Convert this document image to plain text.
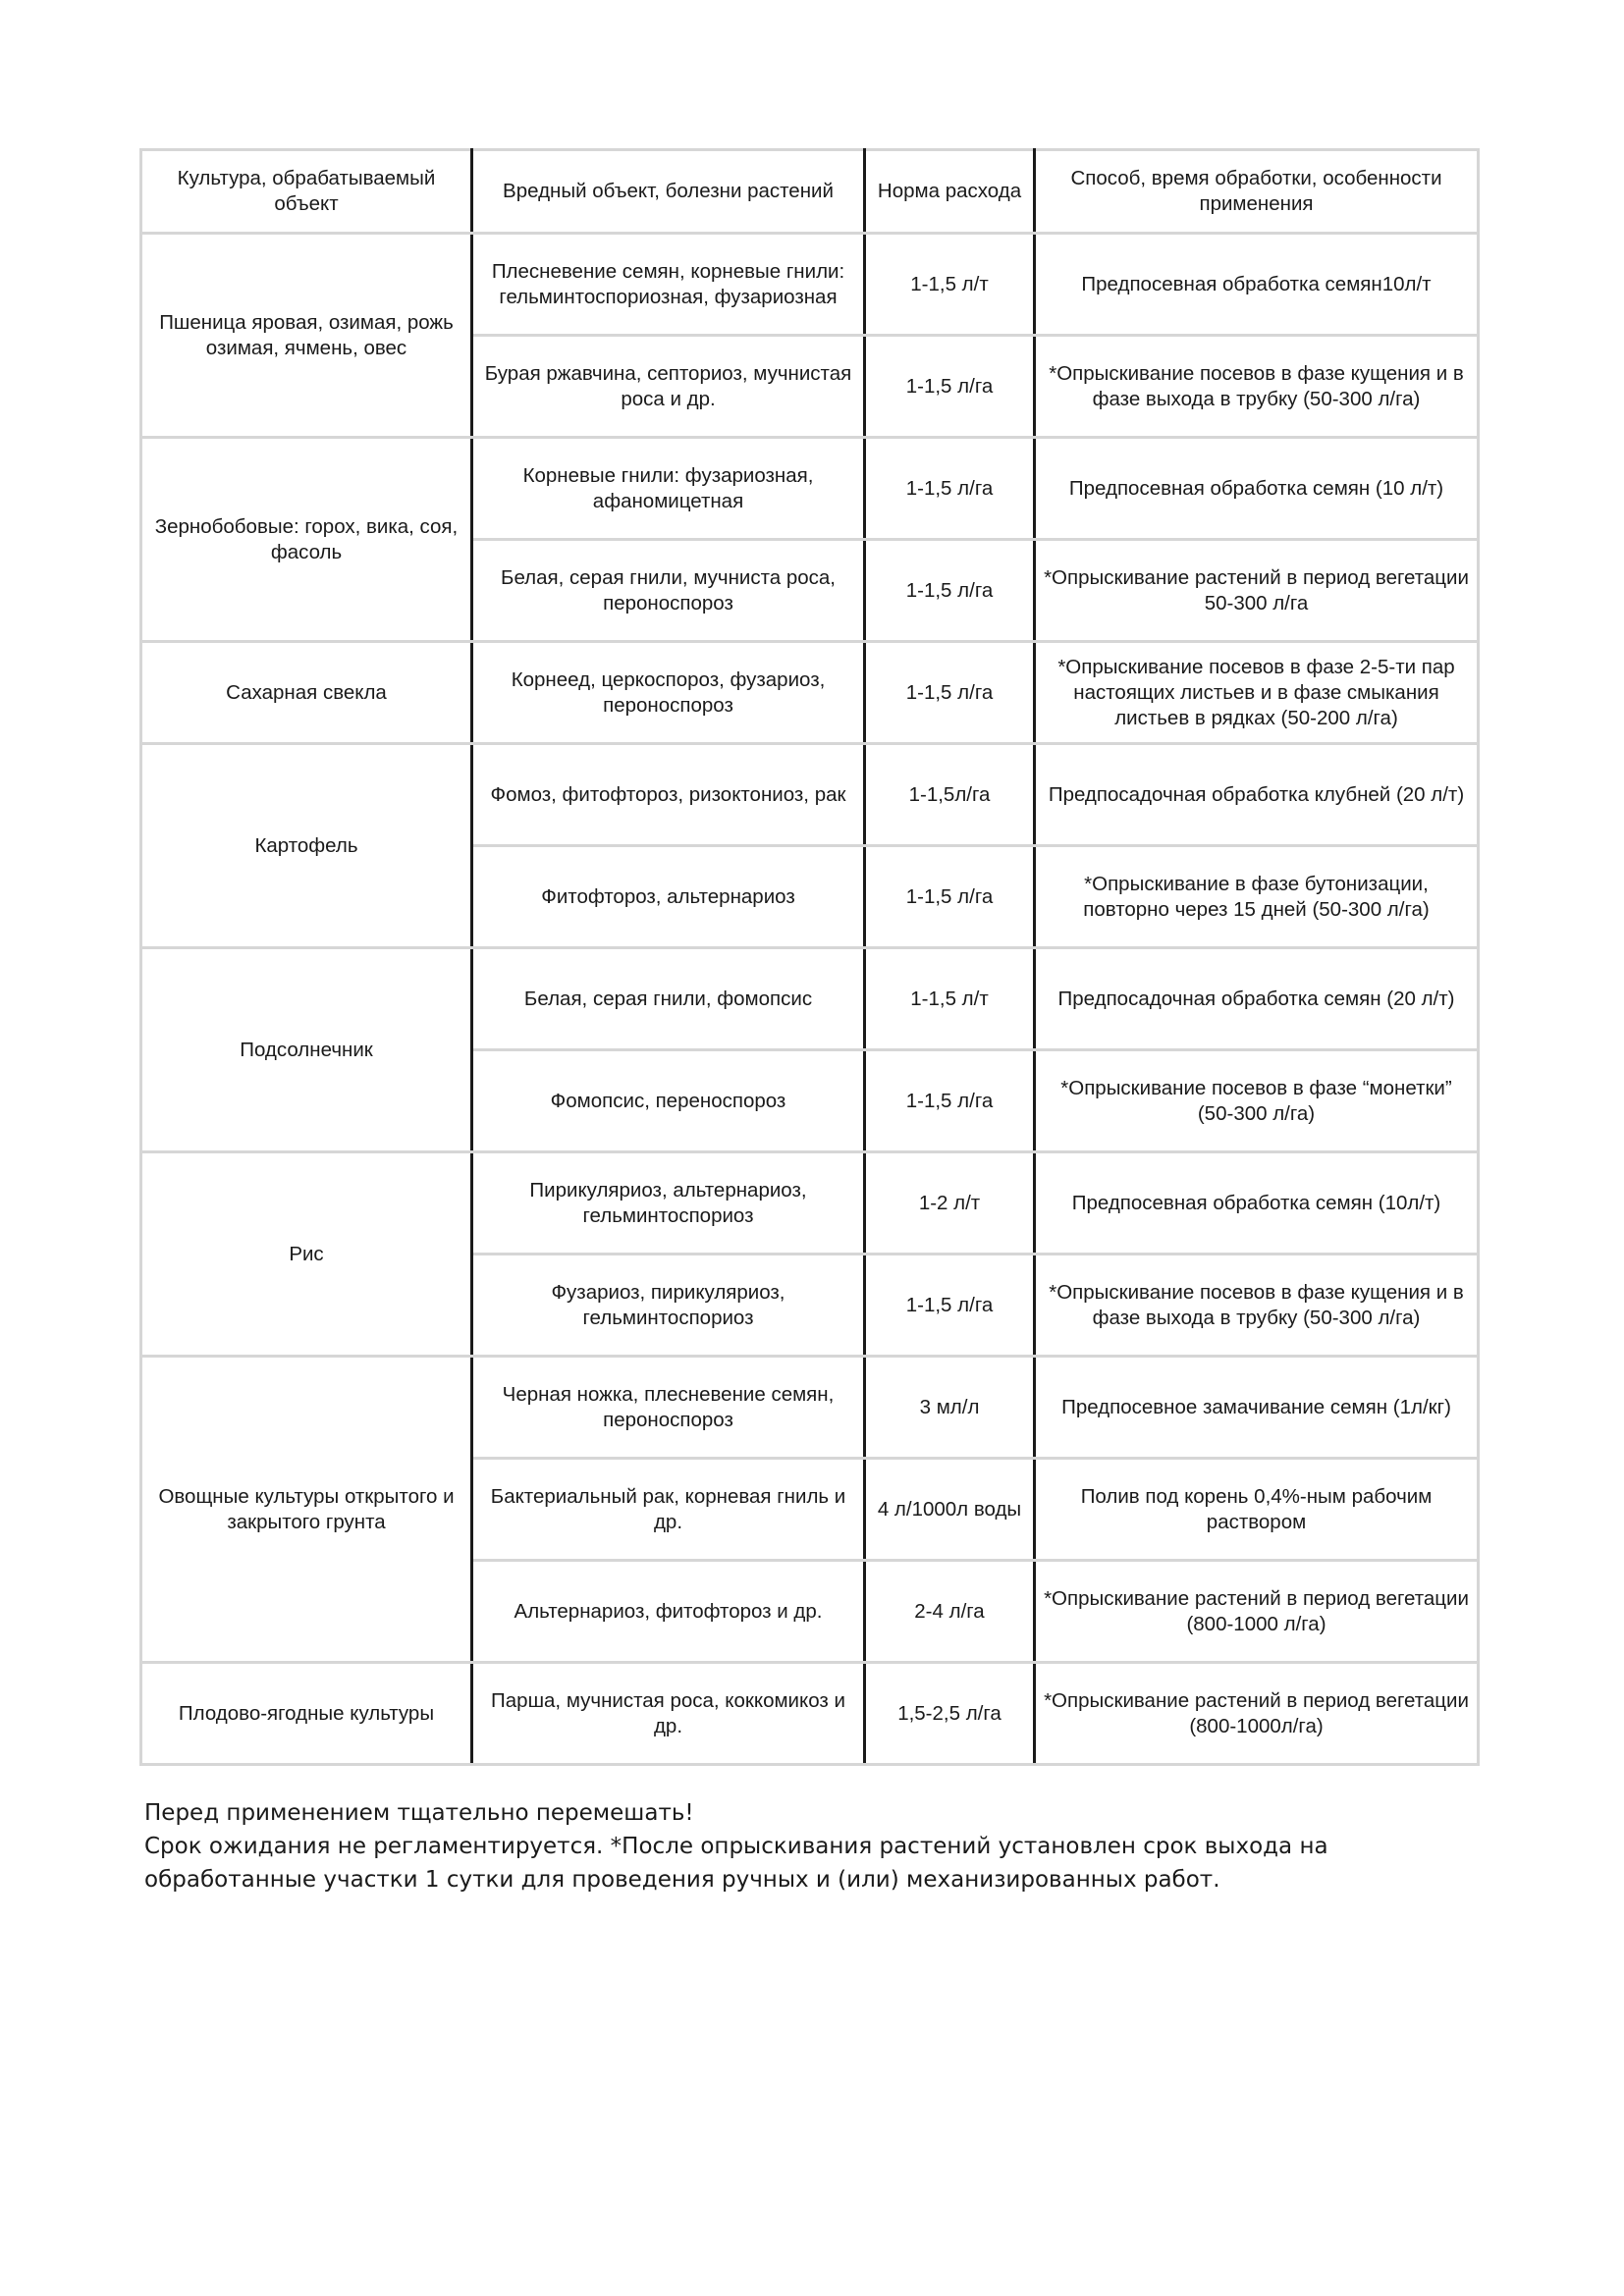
Культура, обрабатываемый объект	Вредный объект, болезни растений	Норма расхода	Способ, время обработки, особенности применения
Пшеница яровая, озимая, рожь озимая, ячмень, овес	Плесневение семян, корневые гнили: гельминтоспориозная, фузариозная	1-1,5 л/т	Предпосевная обработка семян10л/т
	Бурая ржавчина, септориоз, мучнистая роса и др.	1-1,5 л/га	*Опрыскивание посевов в фазе кущения и в фазе выхода в трубку (50-300 л/га)
Зернобобовые: горох, вика, соя, фасоль	Корневые гнили: фузариозная, афаномицетная	1-1,5 л/га	Предпосевная обработка семян (10 л/т)
	Белая, серая гнили, мучниста роса, пероноспороз	1-1,5 л/га	*Опрыскивание растений в период вегетации 50-300 л/га
Сахарная свекла	Корнеед, церкоспороз, фузариоз, пероноспороз	1-1,5 л/га	*Опрыскивание посевов в фазе 2-5-ти пар настоящих листьев и в фазе смыкания листьев в рядках (50-200 л/га)
Картофель	Фомоз, фитофтороз, ризоктониоз, рак	1-1,5л/га	Предпосадочная обработка клубней (20 л/т)
	Фитофтороз, альтернариоз	1-1,5 л/га	*Опрыскивание в фазе бутонизации, повторно через 15 дней (50-300 л/га)
Подсолнечник	Белая, серая гнили, фомопсис	1-1,5 л/т	Предпосадочная обработка семян (20 л/т)
	Фомопсис, переноспороз	1-1,5 л/га	*Опрыскивание посевов в фазе “монетки” (50-300 л/га)
Рис	Пирикуляриоз, альтернариоз, гельминтоспориоз	1-2 л/т	Предпосевная обработка семян (10л/т)
	Фузариоз, пирикуляриоз, гельминтоспориоз	1-1,5 л/га	*Опрыскивание посевов в фазе кущения и в фазе выхода в трубку (50-300 л/га)
Овощные культуры открытого и закрытого грунта	Черная ножка, плесневение семян, пероноспороз	3 мл/л	Предпосевное замачивание семян (1л/кг)
	Бактериальный рак, корневая гниль и др.	4 л/1000л воды	Полив под корень 0,4%-ным рабочим раствором
	Альтернариоз, фитофтороз и др.	2-4 л/га	*Опрыскивание растений в период вегетации (800-1000 л/га)
Плодово-ягодные культуры	Парша, мучнистая роса, коккомикоз и др.	1,5-2,5 л/га	*Опрыскивание растений в период вегетации (800-1000л/га)

Перед применением тщательно перемешать!

Срок ожидания не регламентируется. *После опрыскивания растений установлен срок выхода на обработанные участки 1 сутки для проведения ручных и (или) механизированных работ.
